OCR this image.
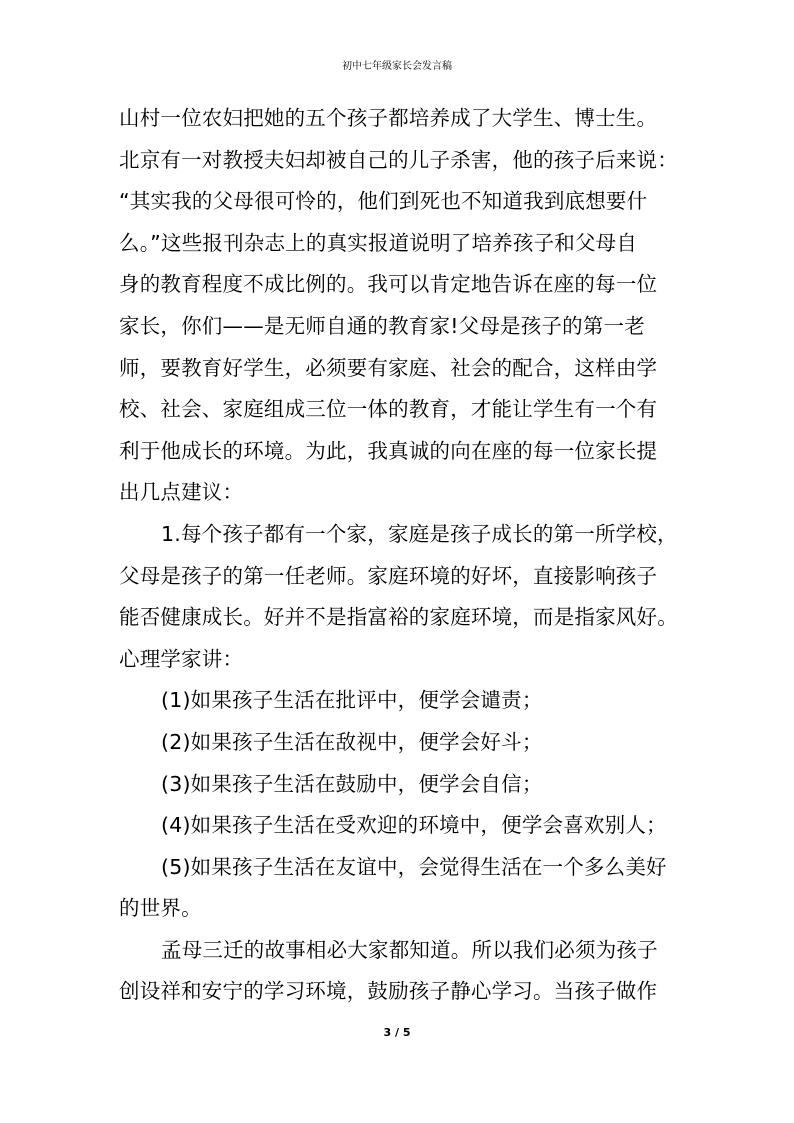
初中七年级家长会发言稿
山村一位农妇把她的五个孩子都培养成了大学生、博士生。
北京有一对教授夫妇却被自己的儿子杀害，他的孩子后来说：
“其实我的父母很可怜的，他们到死也不知道我到底想要什
么。”这些报刊杂志上的真实报道说明了培养孩子和父母自
身的教育程度不成比例的。我可以肯定地告诉在座的每一位
家长，你们——是无师自通的教育家!父母是孩子的第一老
师，要教育好学生，必须要有家庭、社会的配合，这样由学
校、社会、家庭组成三位一体的教育，才能让学生有一个有
利于他成长的环境。为此，我真诚的向在座的每一位家长提
出几点建议：
1.每个孩子都有一个家，家庭是孩子成长的第一所学校，
父母是孩子的第一任老师。家庭环境的好坏，直接影响孩子
能否健康成长。好并不是指富裕的家庭环境，而是指家风好。
心理学家讲：
(1)如果孩子生活在批评中，便学会谴责；
(2)如果孩子生活在敌视中，便学会好斗；
(3)如果孩子生活在鼓励中，便学会自信；
(4)如果孩子生活在受欢迎的环境中，便学会喜欢别人；
(5)如果孩子生活在友谊中，会觉得生活在一个多么美好
的世界。
孟母三迁的故事相必大家都知道。所以我们必须为孩子
创设祥和安宁的学习环境，鼓励孩子静心学习。当孩子做作
3 / 5
